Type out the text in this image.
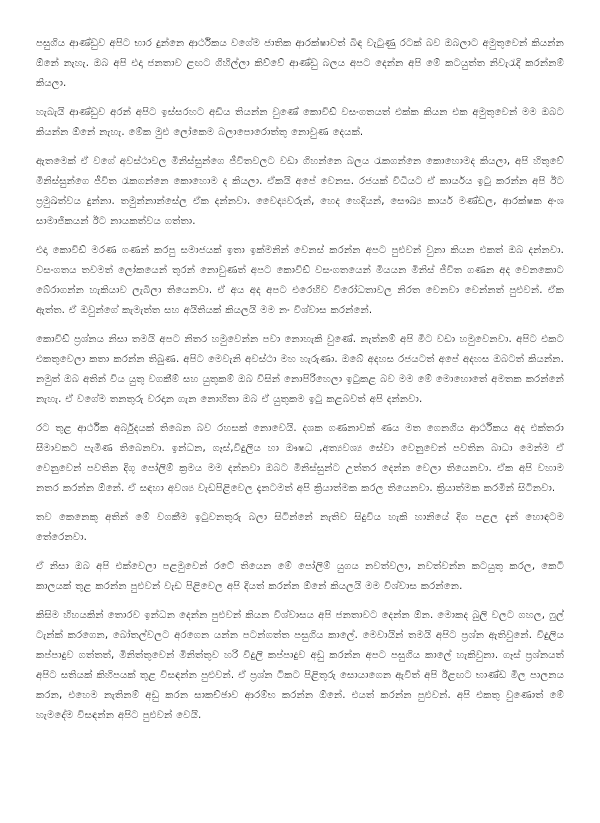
පසුගිය ආණ්ඩුව අපිට භාර දුන්නෙ ආර්ථිකය වගේම ජාතික ආරක්ෂාවත් බිඳ වැටුණු රටක් බව ඔබලාට අමුතුවෙන් කියන්න ඕනේ නැහැ. ඔබ අපි එදා ජනතාව ළඟට ගිහිල්ලා කිව්වේ ආණ්ඩු බලය අපට දෙන්න අපි මේ කටයුත්ත නිවැරැදි කරන්නම් කියලා.

හැබැයි ආණ්ඩුව අරන් අපිට ඉස්සරහට අඩිය තියන්න වුණේ කොවිඩ් වසංගතයත් එක්ක කියන එක අමුතුවෙන් මම ඔබට කියන්න ඕනේ නැහැ. මේක මුළු ලෝකෙම බලාපොරොත්තු නොවුණ දෙයක්.

ඇතමෙක් ඒ වගේ අවස්ථාවල මිනිස්සුන්ගෙ ජීවිතවලට වඩා ගිහන්නෙ බලය රැකගන්නෙ කොහොමද කියලා, අපි හිතුවේ මිනිස්සුන්ගෙ ජීවිත රැකගන්නෙ කොහොම ද කියලා. ඒකයි අපේ වෙනස. රජයක් විධියට ඒ කාර්යය ඉටු කරන්න අපි ඊට ප්‍රමුඛත්වය දුන්නා. තමුන්නාන්සේල ඒක දන්නවා. වෛද්‍යවරුන්, හෙද හෙදියන්, සෞඛ්‍ය කාර්ය මණ්ඩල, ආරක්ෂක අංශ සාමාජිකයන් ඊට නායකත්වය ගත්තා.

එදා කොවිඩ් මරණ ගණන් කරපු සමාජයක් ඉතා ඉක්මනින් වෙනස් කරන්න අපට පුළුවන් වුනා කියන එකත් ඔබ දන්නවා. වසංගතය තවමත් ලෝකයෙන් තුරන් නොවුණත් අපට කොවිඩ් වසංගතයෙන් මියයන මිනිස් ජීවිත ගණන අද වෙනකොට බේරාගන්න හැකියාව ලැබිලා තියෙනවා. ඒ අය අද අපට එරෙහිව විරෝධතාවල නිරත වෙනවා වෙන්නත් පුළුවන්. ඒක ඇත්ත. ඒ ඔවුන්ගේ කැමැත්ත සහ අයිතියක් කියලයි මම නං විශ්වාස කරන්නේ.

කොවිඩ් ප්‍රශ්නය නිසා තමයි අපට නිතර හමුවෙන්න පවා නොහැකි වුණේ. නැත්නම් අපි මීට වඩා හමුවෙනවා. අපිට එකට එකතුවෙලා කතා කරන්න තිබුණ. අපිට මෙවැනි අවස්ථා මහ හැරුණා. ඔබේ අදහස රජයටත් අපේ අදහස ඔබටත් කියන්න. නමුත් ඔබ අතින් විය යුතු වගකීම් සහ යුතුකම් ඔබ විසින් නොපිරිහෙලා ඉටුකළ බව මම මේ මොහොතේ අමතක කරන්නේ නැහැ. ඒ වගේම තනතුරු වරදාන ගැන නොහිතා ඔබ ඒ යුතුකම ඉටු කළබවත් අපි දන්නවා.

රට තුළ ආර්ථික අර්බුදයක් තිබෙන බව රහසක් නොවෙයි. දශක ගණනාවක් ණය මත ගෙනගිය ආර්ථිකය අද එක්තරා සීමාවකට පැමිණ තිබෙනවා. ඉන්ධන, ගෑස්,විදුලිය හා ඖෂධ ,අත්‍යවශ්‍ය සේවා වෙනුවෙන් පවතින බාධා මෙන්ම ඒ වෙනුවෙන් පවතින දිගු පෝලිම් ක්‍රමය මම දන්නවා ඔබට මිනිස්සුන්ට උත්තර දෙන්න වෙලා තියෙනවා. ඒක අපි වහාම නතර කරන්න ඕනේ. ඒ සඳහා අවශ්‍ය වැඩපිළිවෙල දැනටමත් අපි ක්‍රියාත්මක කරල තියෙනවා. ක්‍රියාත්මක කරමින් සිටිනවා.

තව කෙනෙකු අතින් මේ වගකීම ඉටුවනතුරු බලා සිටින්නේ නැතිව සිදුවිය හැකි හානියේ දිග පළල දැන් හොඳටම තේරෙනවා.

ඒ නිසා ඔබ අපි එක්වෙලා පළමුවෙන් රටේ තියෙන මේ පෝලිම් යුගය නවත්වලා, නවත්වන්න කටයුතු කරල, කෙටි කාලයක් තුළ කරන්න පුළුවන් වැඩ පිළිවෙල අපි දියත් කරන්න ඕනේ කියලයි මම විශ්වාස කරන්නෙ.

කිසිම හිහයකින් තොරව ඉන්ධන දෙන්න පුළුවන් කියන විශ්වාසය අපි ජනතාවට දෙන්න ඕන. මොකද බුලි වලට ගහල, ෆුල් ටැන්ක් කරගෙන, බෝතල්වලට අරගෙන යන්න පටන්ගත්ත පසුගිය කාලේ. මෙවායින් තමයි අපිට ප්‍රශ්න ඇතිවුනේ. විදුලිය කප්පාදුව ගත්තත්, මිනිත්තුවෙන් මිනිත්තුව හරි විදුලි කප්පාදුව අඩු කරන්න අපට පසුගිය කාලේ හැකිවුනා. ගෑස් ප්‍රශ්නයත් අපිට සතියක් කිහිපයක් තුළ විසඳන්න පුළුවන්. ඒ ප්‍රශ්න ටිකට පිළිතුරු සොයාගෙන ඇවිත් අපි ඊළඟට භාණ්ඩ මිල පාලනය කරන, එහෙම නැතිනම් අඩු කරන සාකච්ඡාව ආරම්භ කරන්න ඕනේ. එයත් කරන්න පුළුවන්. අපි එකතු වුණොත් මේ හැමදේම විසඳන්න අපිට පුළුවන් වෙයි.
